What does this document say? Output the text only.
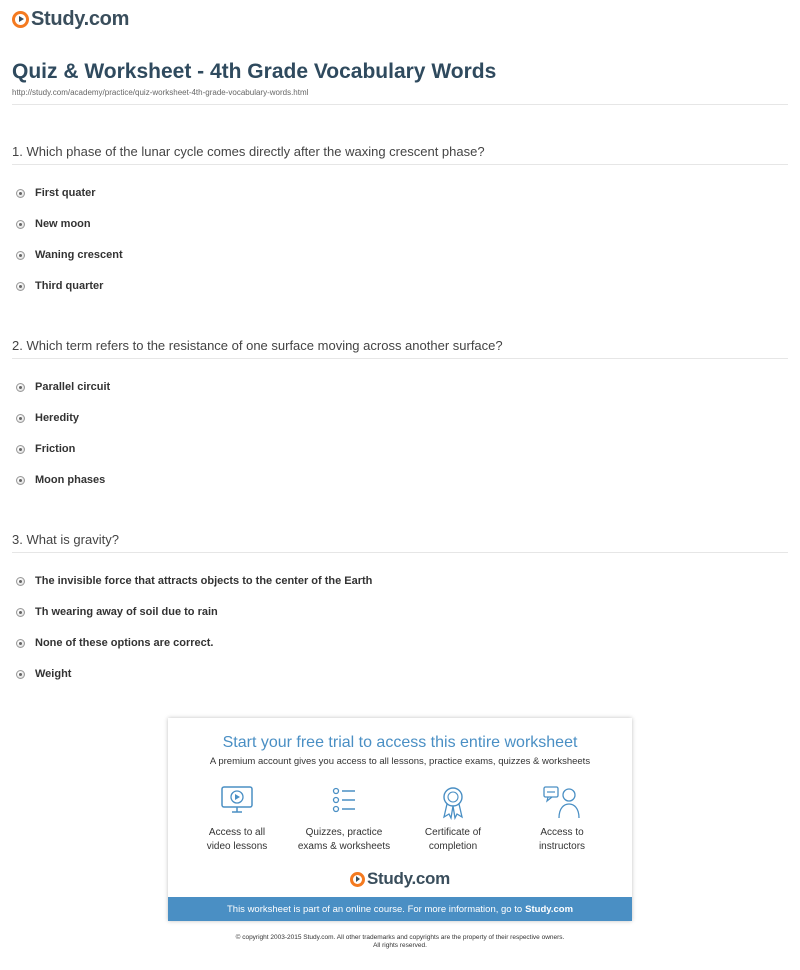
Study.com
Quiz & Worksheet - 4th Grade Vocabulary Words
http://study.com/academy/practice/quiz-worksheet-4th-grade-vocabulary-words.html
1. Which phase of the lunar cycle comes directly after the waxing crescent phase?
First quater
New moon
Waning crescent
Third quarter
2. Which term refers to the resistance of one surface moving across another surface?
Parallel circuit
Heredity
Friction
Moon phases
3. What is gravity?
The invisible force that attracts objects to the center of the Earth
Th wearing away of soil due to rain
None of these options are correct.
Weight
Start your free trial to access this entire worksheet
A premium account gives you access to all lessons, practice exams, quizzes & worksheets
Access to all
video lessons
Quizzes, practice
exams & worksheets
Certificate of
completion
Access to
instructors
Study.com
This worksheet is part of an online course. For more information, go to Study.com
© copyright 2003-2015 Study.com. All other trademarks and copyrights are the property of their respective owners.
All rights reserved.
